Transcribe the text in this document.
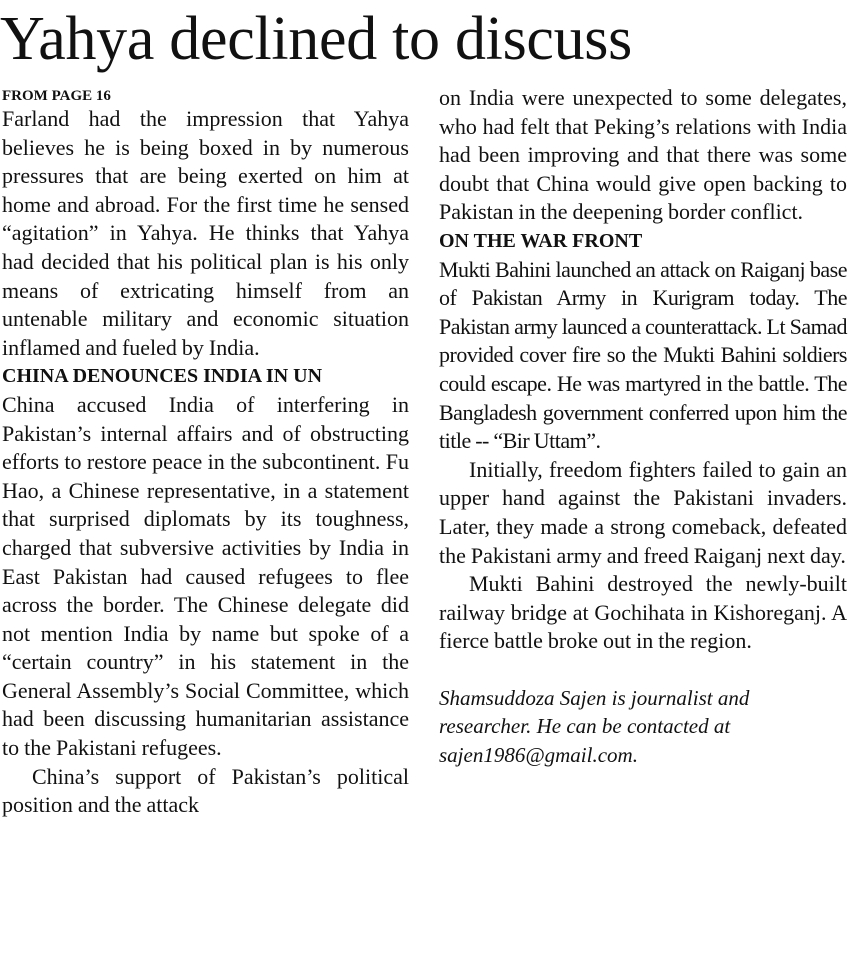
Yahya declined to discuss
FROM PAGE 16

Farland had the impression that Yahya believes he is being boxed in by numerous pressures that are being exerted on him at home and abroad. For the first time he sensed “agitation” in Yahya. He thinks that Yahya had decided that his political plan is his only means of extricating himself from an untenable military and economic situation inflamed and fueled by India.

CHINA DENOUNCES INDIA IN UN

China accused India of interfering in Pakistan’s internal affairs and of obstructing efforts to restore peace in the subcontinent. Fu Hao, a Chinese representative, in a statement that surprised diplomats by its toughness, charged that subversive activities by India in East Pakistan had caused refugees to flee across the border. The Chinese delegate did not mention India by name but spoke of a “certain country” in his statement in the General Assembly’s Social Committee, which had been discussing humanitarian assistance to the Pakistani refugees.

China’s support of Pakistan’s political position and the attack

on India were unexpected to some delegates, who had felt that Peking’s relations with India had been improving and that there was some doubt that China would give open backing to Pakistan in the deepening border conflict.

ON THE WAR FRONT

Mukti Bahini launched an attack on Raiganj base of Pakistan Army in Kurigram today. The Pakistan army launced a counterattack. Lt Samad provided cover fire so the Mukti Bahini soldiers could escape. He was martyred in the battle. The Bangladesh government conferred upon him the title -- “Bir Uttam”.

Initially, freedom fighters failed to gain an upper hand against the Pakistani invaders. Later, they made a strong comeback, defeated the Pakistani army and freed Raiganj next day.

Mukti Bahini destroyed the newly-built railway bridge at Gochihata in Kishoreganj. A fierce battle broke out in the region.

Shamsuddoza Sajen is journalist and
researcher. He can be contacted at
sajen1986@gmail.com.
